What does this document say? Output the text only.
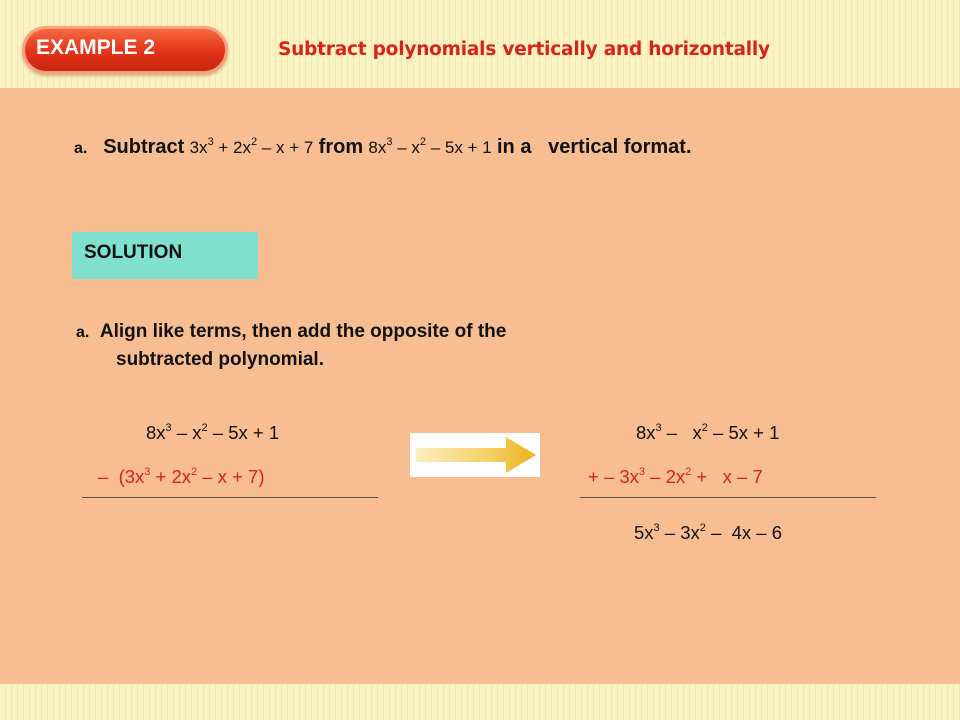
EXAMPLE 2	Subtract polynomials vertically and horizontally
a. Subtract $3x^3 + 2x^2 - x + 7$ from $8x^3 - x^2 - 5x + 1$ in a   vertical format.
SOLUTION
a. Align like terms, then add the opposite of the
subtracted polynomial.
$8x^3 - x^2 - 5x + 1$
– $(3x^3 + 2x^2 - x + 7)$
$8x^3 - x^2 - 5x + 1$
+ – $3x^3 - 2x^2 + x - 7$
$5x^3 - 3x^2 - 4x - 6$
